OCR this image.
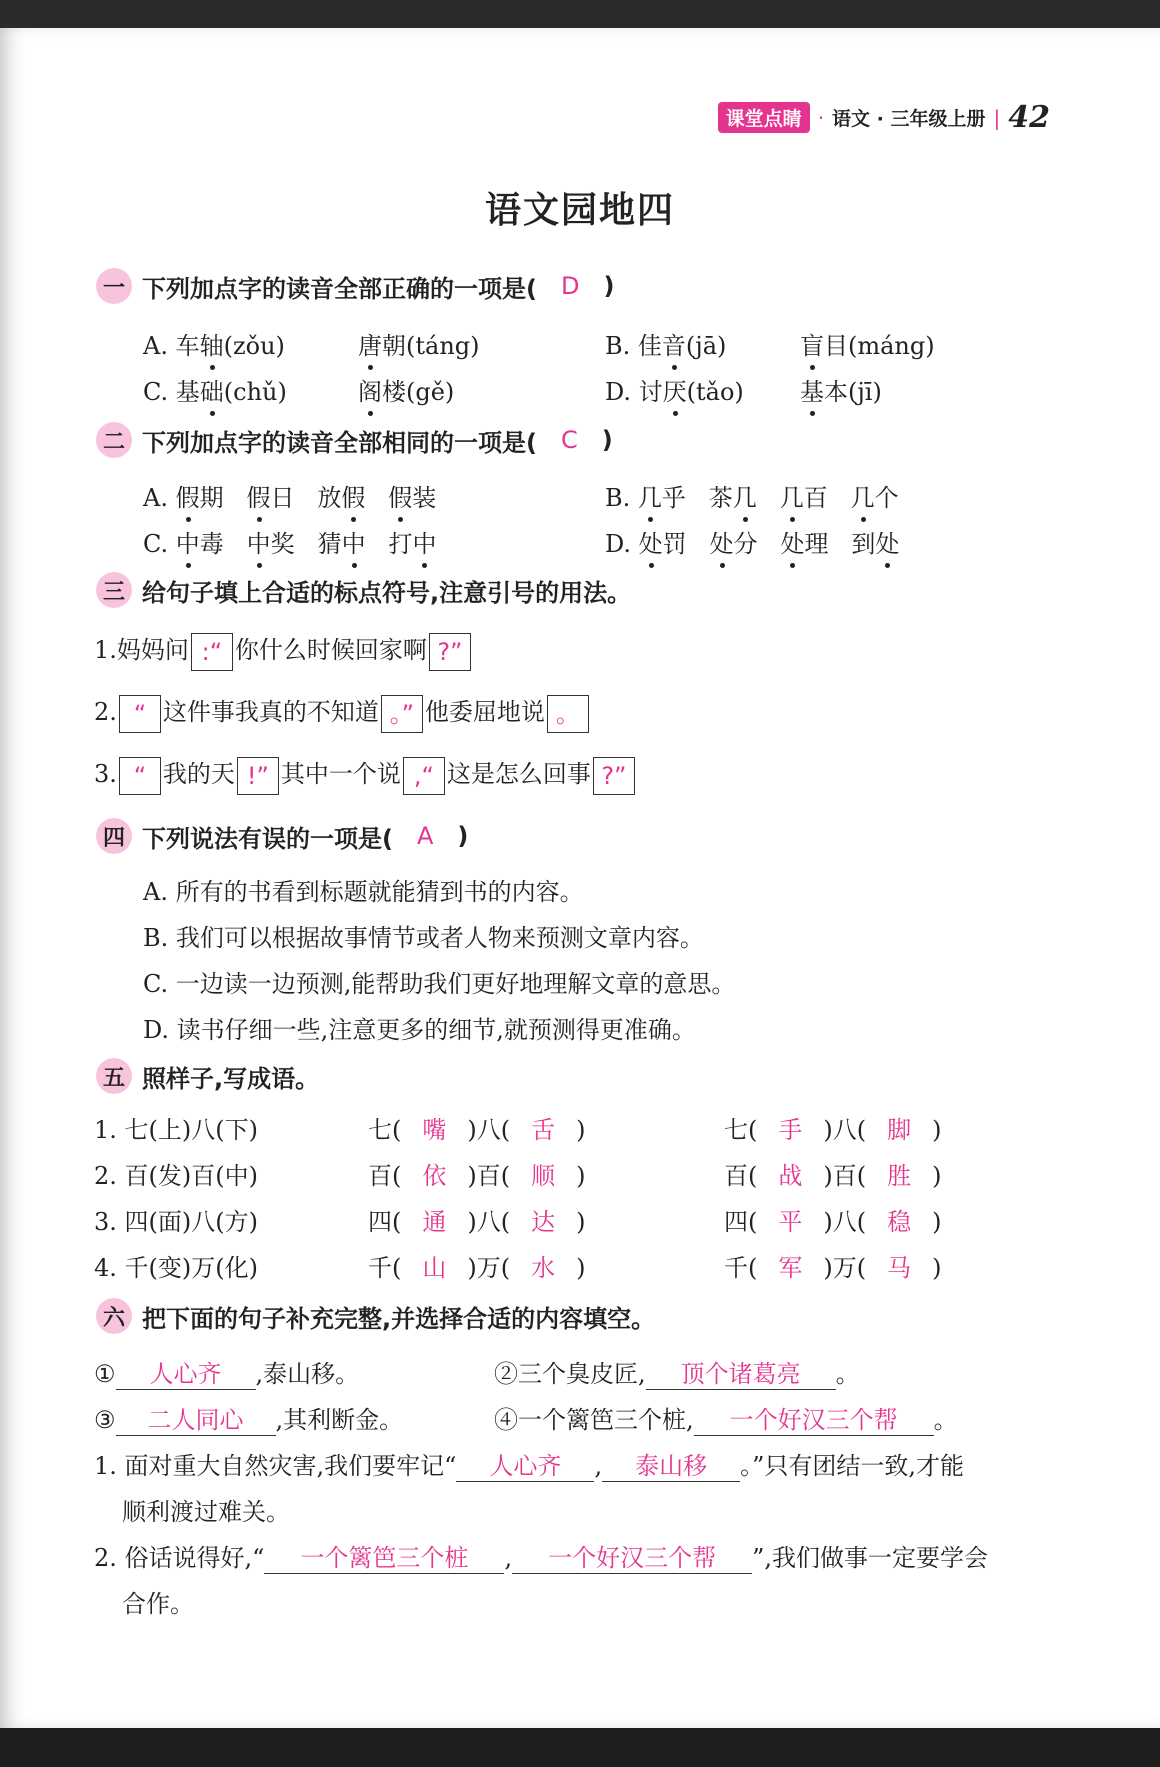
课堂点睛 · 语文 · 三年级上册 | 42
语文园地四
一 下列加点字的读音全部正确的一项是( D )
A. 车轴(zǒu)	唐朝(táng)	B. 佳音(jā)	盲目(máng)
C. 基础(chǔ)	阁楼(gě)	D. 讨厌(tǎo) 基本(jī)
二 下列加点字的读音全部相同的一项是( C )
A. 假期 假日 放假 假装	B. 几乎 茶几 几百 几个
C. 中毒 中奖 猜中 打中	D. 处罚 处分 处理 到处
三 给句子填上合适的标点符号,注意引号的用法。
1.妈妈问 :“ 你什么时候回家啊 ?”
2. “ 这件事我真的不知道 。” 他委屈地说 。
3. “ 我的天 !” 其中一个说 ,“ 这是怎么回事 ?”
四 下列说法有误的一项是( A )
A. 所有的书看到标题就能猜到书的内容。
B. 我们可以根据故事情节或者人物来预测文章内容。
C. 一边读一边预测,能帮助我们更好地理解文章的意思。
D. 读书仔细一些,注意更多的细节,就预测得更准确。
五 照样子,写成语。
1. 七(上)八(下)	七( 嘴 )八( 舌 )	七( 手 )八( 脚 )
2. 百(发)百(中)	百( 依 )百( 顺 )	百( 战 )百( 胜 )
3. 四(面)八(方)	四( 通 )八( 达 )	四( 平 )八( 稳 )
4. 千(变)万(化)	千( 山 )万( 水 )	千( 军 )万( 马 )
六 把下面的句子补充完整,并选择合适的内容填空。
① 人心齐 ,泰山移。	②三个臭皮匠, 顶个诸葛亮 。
③ 二人同心 ,其利断金。	④一个篱笆三个桩, 一个好汉三个帮 。
1. 面对重大自然灾害,我们要牢记“ 人心齐 , 泰山移 。”只有团结一致,才能
顺利渡过难关。
2. 俗话说得好,“ 一个篱笆三个桩 , 一个好汉三个帮 ”,我们做事一定要学会
合作。
